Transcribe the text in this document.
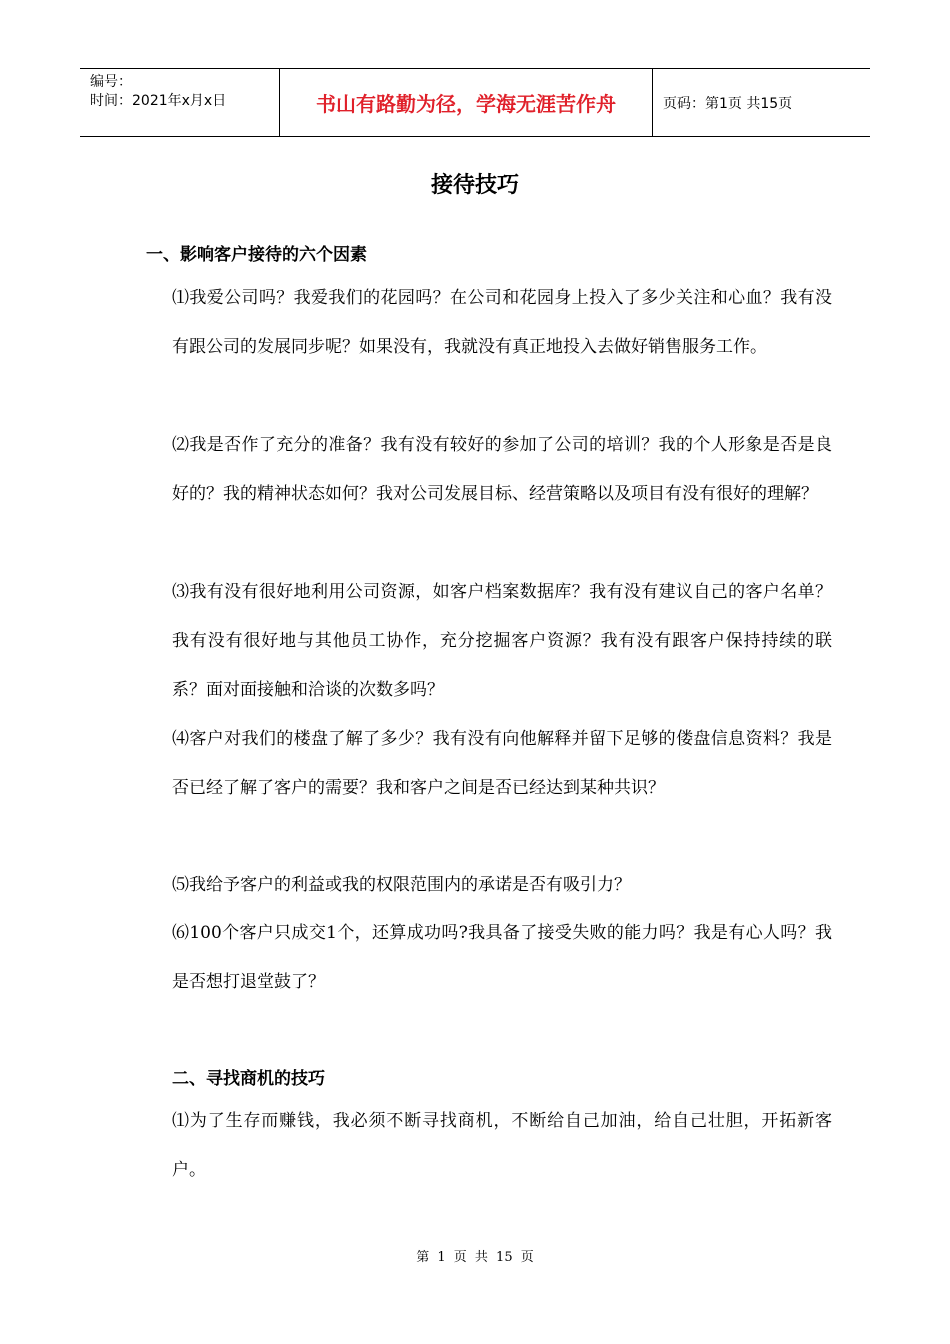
编号：
时间：2021年x月x日	书山有路勤为径，学海无涯苦作舟	页码：第1页 共15页
接待技巧
一、影响客户接待的六个因素
⑴我爱公司吗？我爱我们的花园吗？在公司和花园身上投入了多少关注和心血？我有没有跟公司的发展同步呢？如果没有，我就没有真正地投入去做好销售服务工作。
⑵我是否作了充分的准备？我有没有较好的参加了公司的培训？我的个人形象是否是良好的？我的精神状态如何？我对公司发展目标、经营策略以及项目有没有很好的理解？
⑶我有没有很好地利用公司资源，如客户档案数据库？我有没有建议自己的客户名单？我有没有很好地与其他员工协作，充分挖掘客户资源？我有没有跟客户保持持续的联系？面对面接触和洽谈的次数多吗？
⑷客户对我们的楼盘了解了多少？我有没有向他解释并留下足够的偻盘信息资料？我是否已经了解了客户的需要？我和客户之间是否已经达到某种共识？
⑸我给予客户的利益或我的权限范围内的承诺是否有吸引力？
⑹100个客户只成交1个，还算成功吗?我具备了接受失败的能力吗？我是有心人吗？我是否想打退堂鼓了？
二、寻找商机的技巧
⑴为了生存而赚钱，我必须不断寻找商机，不断给自己加油，给自己壮胆，开拓新客户。
第 1 页 共 15 页
